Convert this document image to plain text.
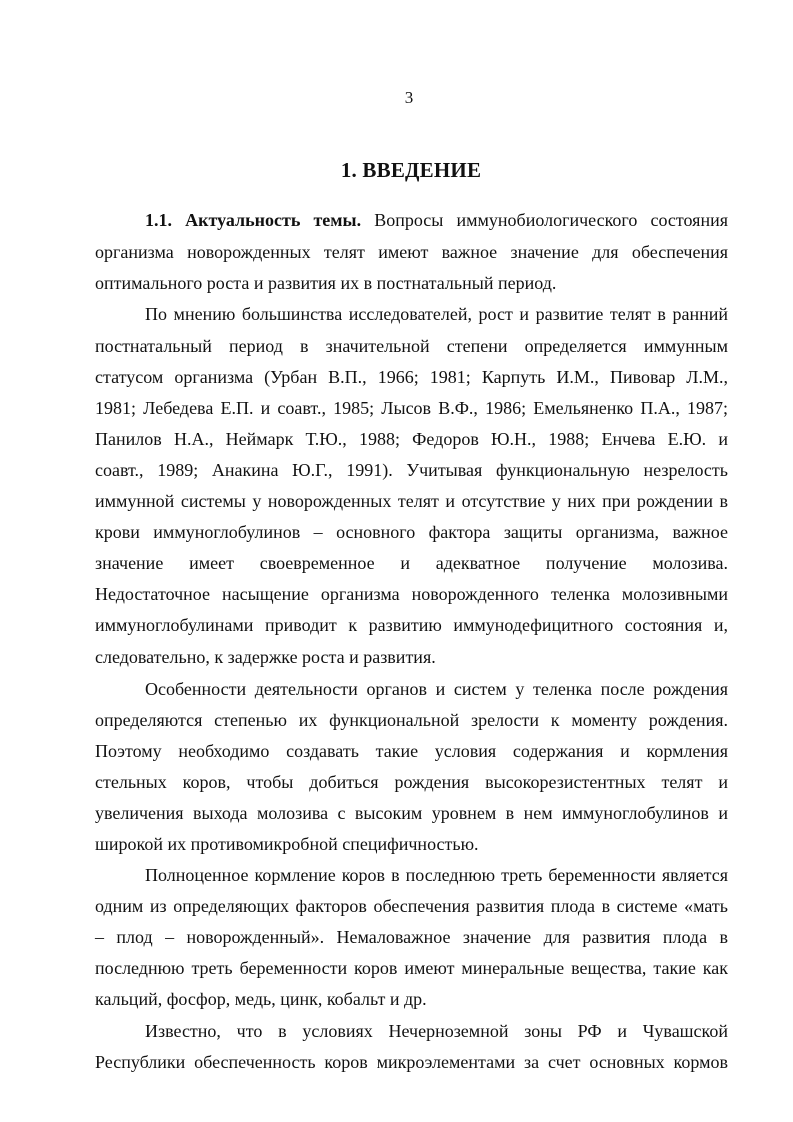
3
1. ВВЕДЕНИЕ
1.1. Актуальность темы. Вопросы иммунобиологического состояния
организма новорожденных телят имеют важное значение для обеспечения
оптимального роста и развития их в постнатальный период.
По мнению большинства исследователей, рост и развитие телят в ранний
постнатальный период в значительной степени определяется иммунным
статусом организма (Урбан В.П., 1966; 1981; Карпуть И.М., Пивовар Л.М.,
1981; Лебедева Е.П. и соавт., 1985; Лысов В.Ф., 1986; Емельяненко П.А., 1987;
Панилов Н.А., Неймарк Т.Ю., 1988; Федоров Ю.Н., 1988; Енчева Е.Ю. и
соавт., 1989; Анакина Ю.Г., 1991). Учитывая функциональную незрелость
иммунной системы у новорожденных телят и отсутствие у них при рождении в
крови иммуноглобулинов – основного фактора защиты организма, важное
значение имеет своевременное и адекватное получение молозива.
Недостаточное насыщение организма новорожденного теленка молозивными
иммуноглобулинами приводит к развитию иммунодефицитного состояния и,
следовательно, к задержке роста и развития.
Особенности деятельности органов и систем у теленка после рождения
определяются степенью их функциональной зрелости к моменту рождения.
Поэтому необходимо создавать такие условия содержания и кормления
стельных коров, чтобы добиться рождения высокорезистентных телят и
увеличения выхода молозива с высоким уровнем в нем иммуноглобулинов и
широкой их противомикробной специфичностью.
Полноценное кормление коров в последнюю треть беременности является
одним из определяющих факторов обеспечения развития плода в системе «мать
– плод – новорожденный». Немаловажное значение для развития плода в
последнюю треть беременности коров имеют минеральные вещества, такие как
кальций, фосфор, медь, цинк, кобальт и др.
Известно, что в условиях Нечерноземной зоны РФ и Чувашской
Республики обеспеченность коров микроэлементами за счет основных кормов
